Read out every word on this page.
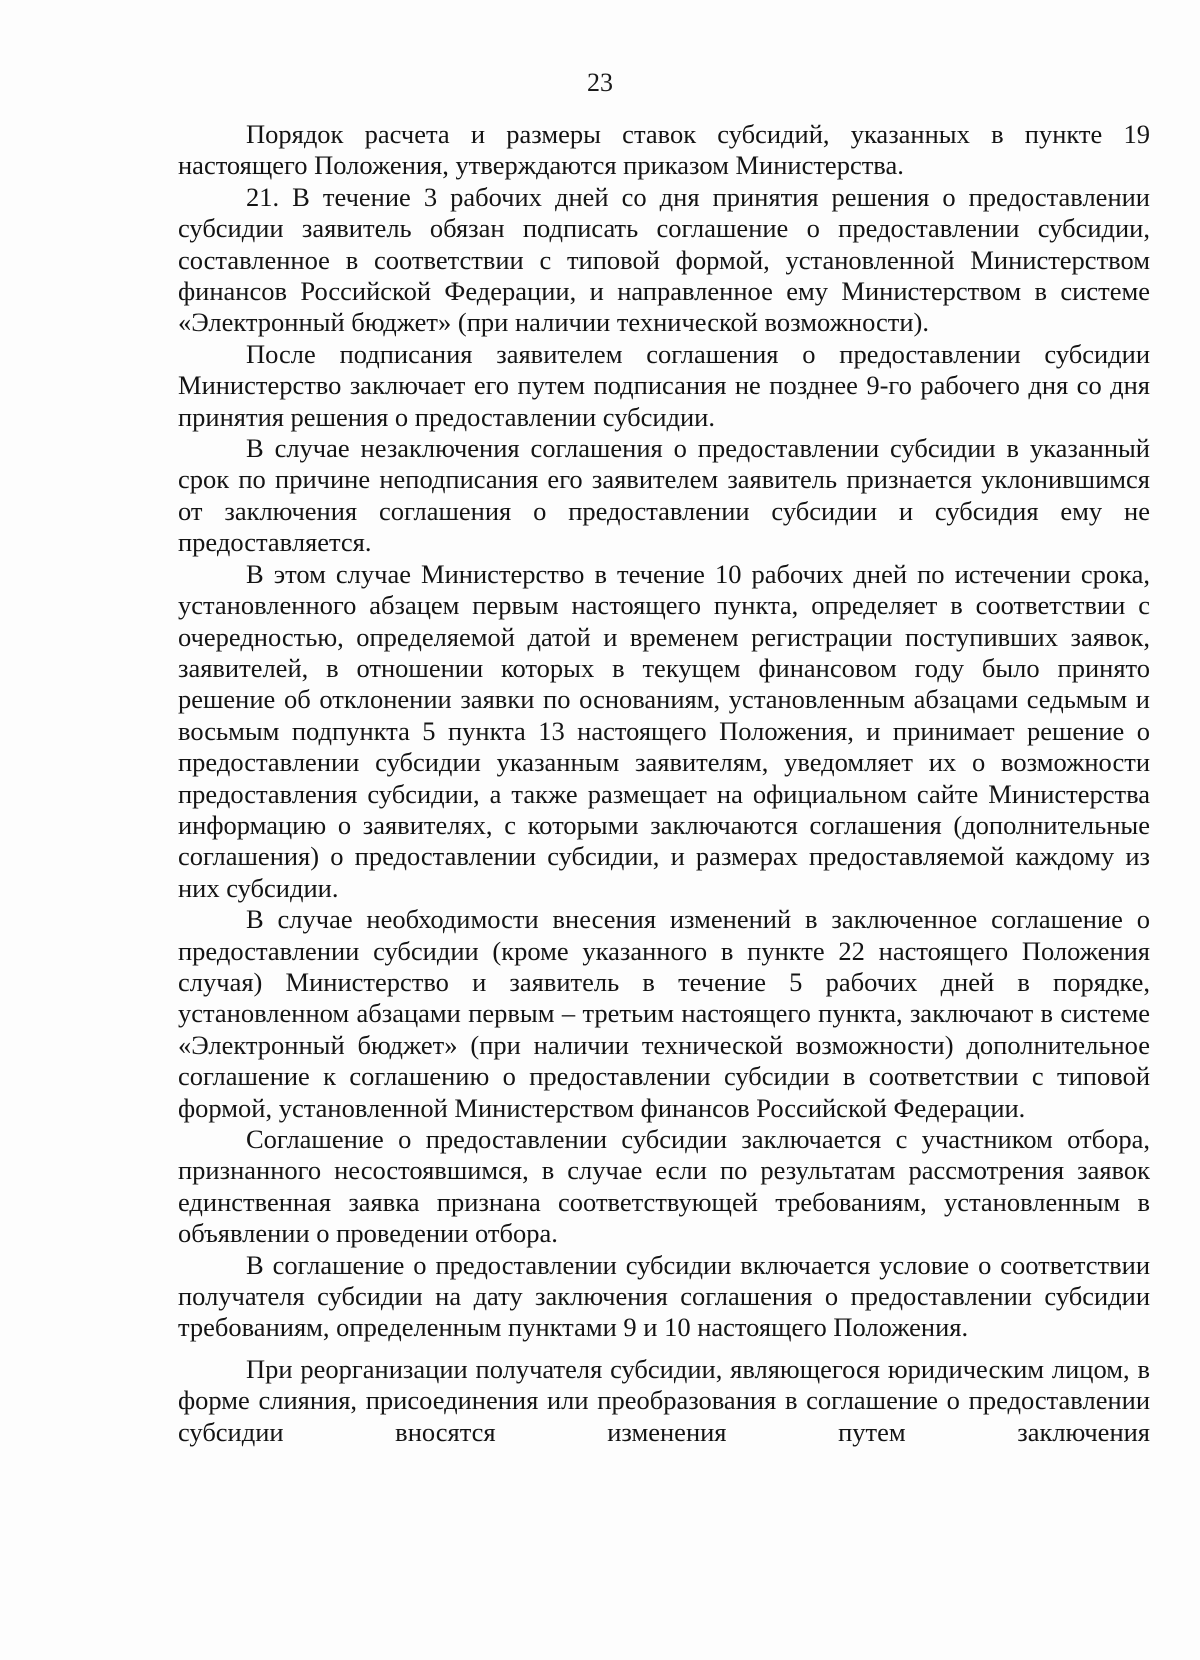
23

Порядок расчета и размеры ставок субсидий, указанных в пункте 19 настоящего Положения, утверждаются приказом Министерства.

21. В течение 3 рабочих дней со дня принятия решения о предоставлении субсидии заявитель обязан подписать соглашение о предоставлении субсидии, составленное в соответствии с типовой формой, установленной Министерством финансов Российской Федерации, и направленное ему Министерством в системе «Электронный бюджет» (при наличии технической возможности).

После подписания заявителем соглашения о предоставлении субсидии Министерство заключает его путем подписания не позднее 9-го рабочего дня со дня принятия решения о предоставлении субсидии.

В случае незаключения соглашения о предоставлении субсидии в указанный срок по причине неподписания его заявителем заявитель признается уклонившимся от заключения соглашения о предоставлении субсидии и субсидия ему не предоставляется.

В этом случае Министерство в течение 10 рабочих дней по истечении срока, установленного абзацем первым настоящего пункта, определяет в соответствии с очередностью, определяемой датой и временем регистрации поступивших заявок, заявителей, в отношении которых в текущем финансовом году было принято решение об отклонении заявки по основаниям, установленным абзацами седьмым и восьмым подпункта 5 пункта 13 настоящего Положения, и принимает решение о предоставлении субсидии указанным заявителям, уведомляет их о возможности предоставления субсидии, а также размещает на официальном сайте Министерства информацию о заявителях, с которыми заключаются соглашения (дополнительные соглашения) о предоставлении субсидии, и размерах предоставляемой каждому из них субсидии.

В случае необходимости внесения изменений в заключенное соглашение о предоставлении субсидии (кроме указанного в пункте 22 настоящего Положения случая) Министерство и заявитель в течение 5 рабочих дней в порядке, установленном абзацами первым – третьим настоящего пункта, заключают в системе «Электронный бюджет» (при наличии технической возможности) дополнительное соглашение к соглашению о предоставлении субсидии в соответствии с типовой формой, установленной Министерством финансов Российской Федерации.

Соглашение о предоставлении субсидии заключается с участником отбора, признанного несостоявшимся, в случае если по результатам рассмотрения заявок единственная заявка признана соответствующей требованиям, установленным в объявлении о проведении отбора.

В соглашение о предоставлении субсидии включается условие о соответствии получателя субсидии на дату заключения соглашения о предоставлении субсидии требованиям, определенным пунктами 9 и 10 настоящего Положения.

При реорганизации получателя субсидии, являющегося юридическим лицом, в форме слияния, присоединения или преобразования в соглашение о предоставлении субсидии вносятся изменения путем заключения
